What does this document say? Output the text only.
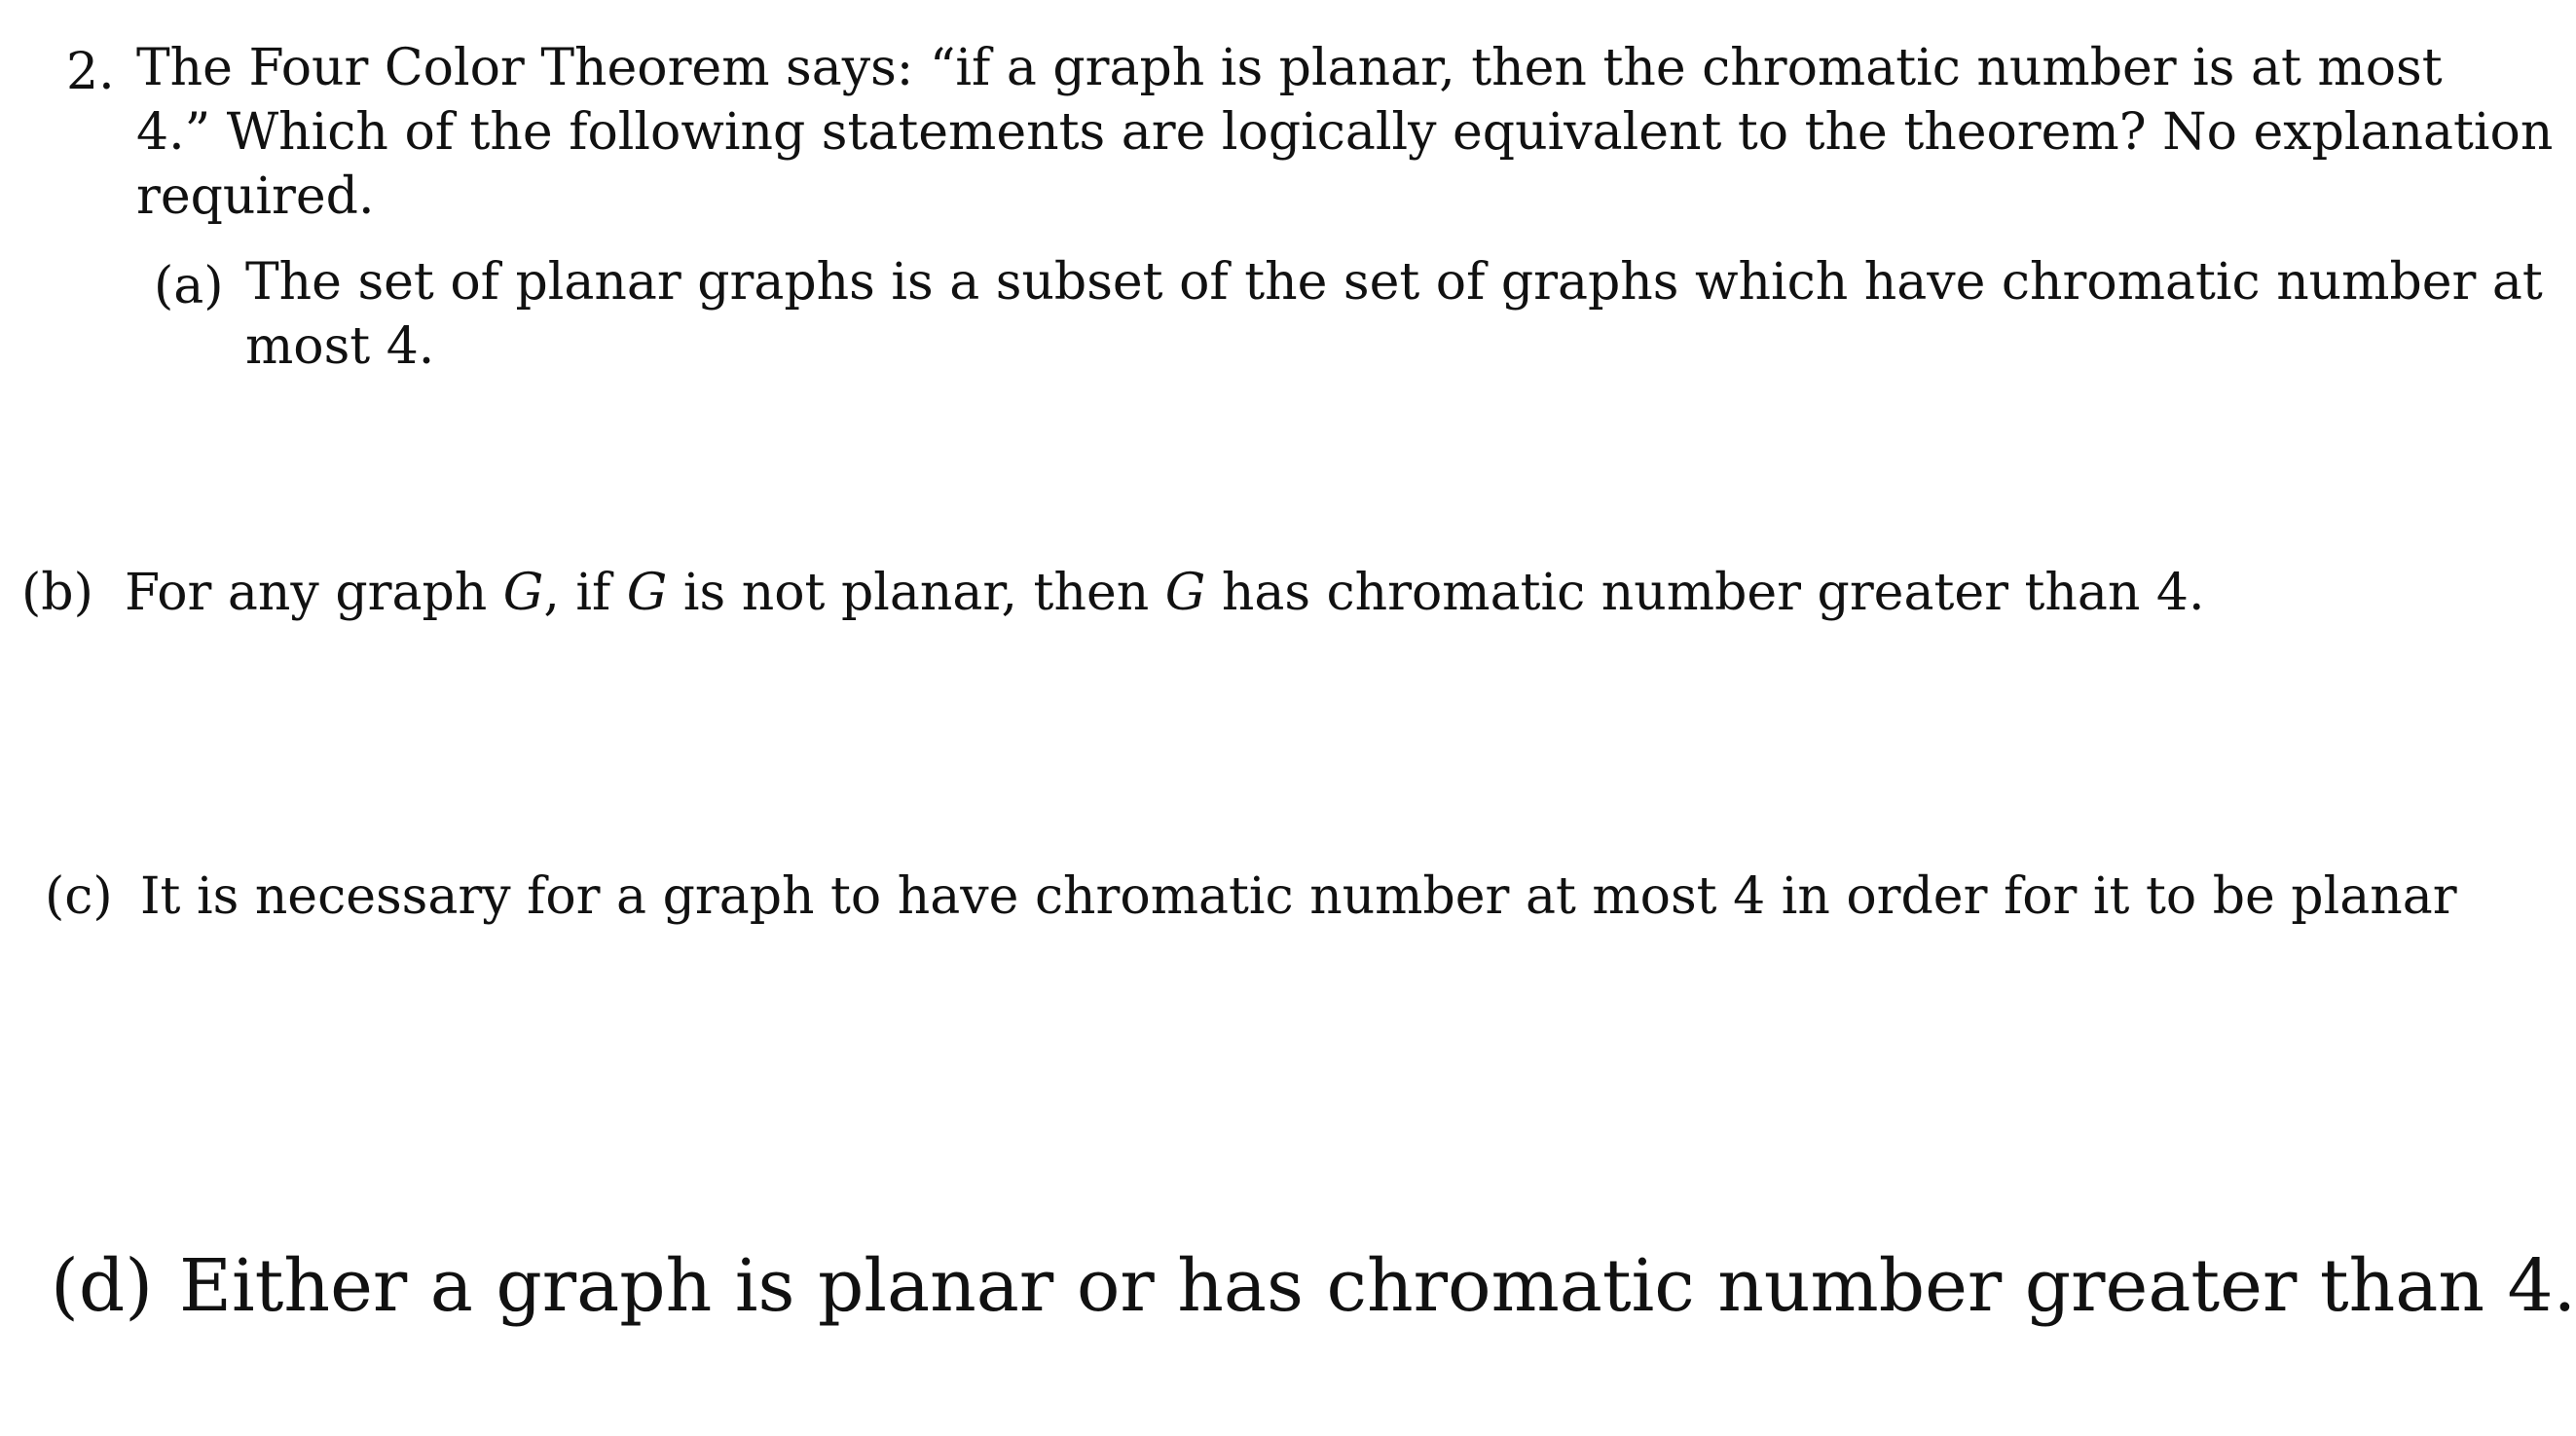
2. The Four Color Theorem says: “if a graph is planar, then the chromatic number is at most
4.” Which of the following statements are logically equivalent to the theorem? No explanation
required.
(a) The set of planar graphs is a subset of the set of graphs which have chromatic number at
most 4.
(b) For any graph G, if G is not planar, then G has chromatic number greater than 4.
(c) It is necessary for a graph to have chromatic number at most 4 in order for it to be planar
(d) Either a graph is planar or has chromatic number greater than 4.
